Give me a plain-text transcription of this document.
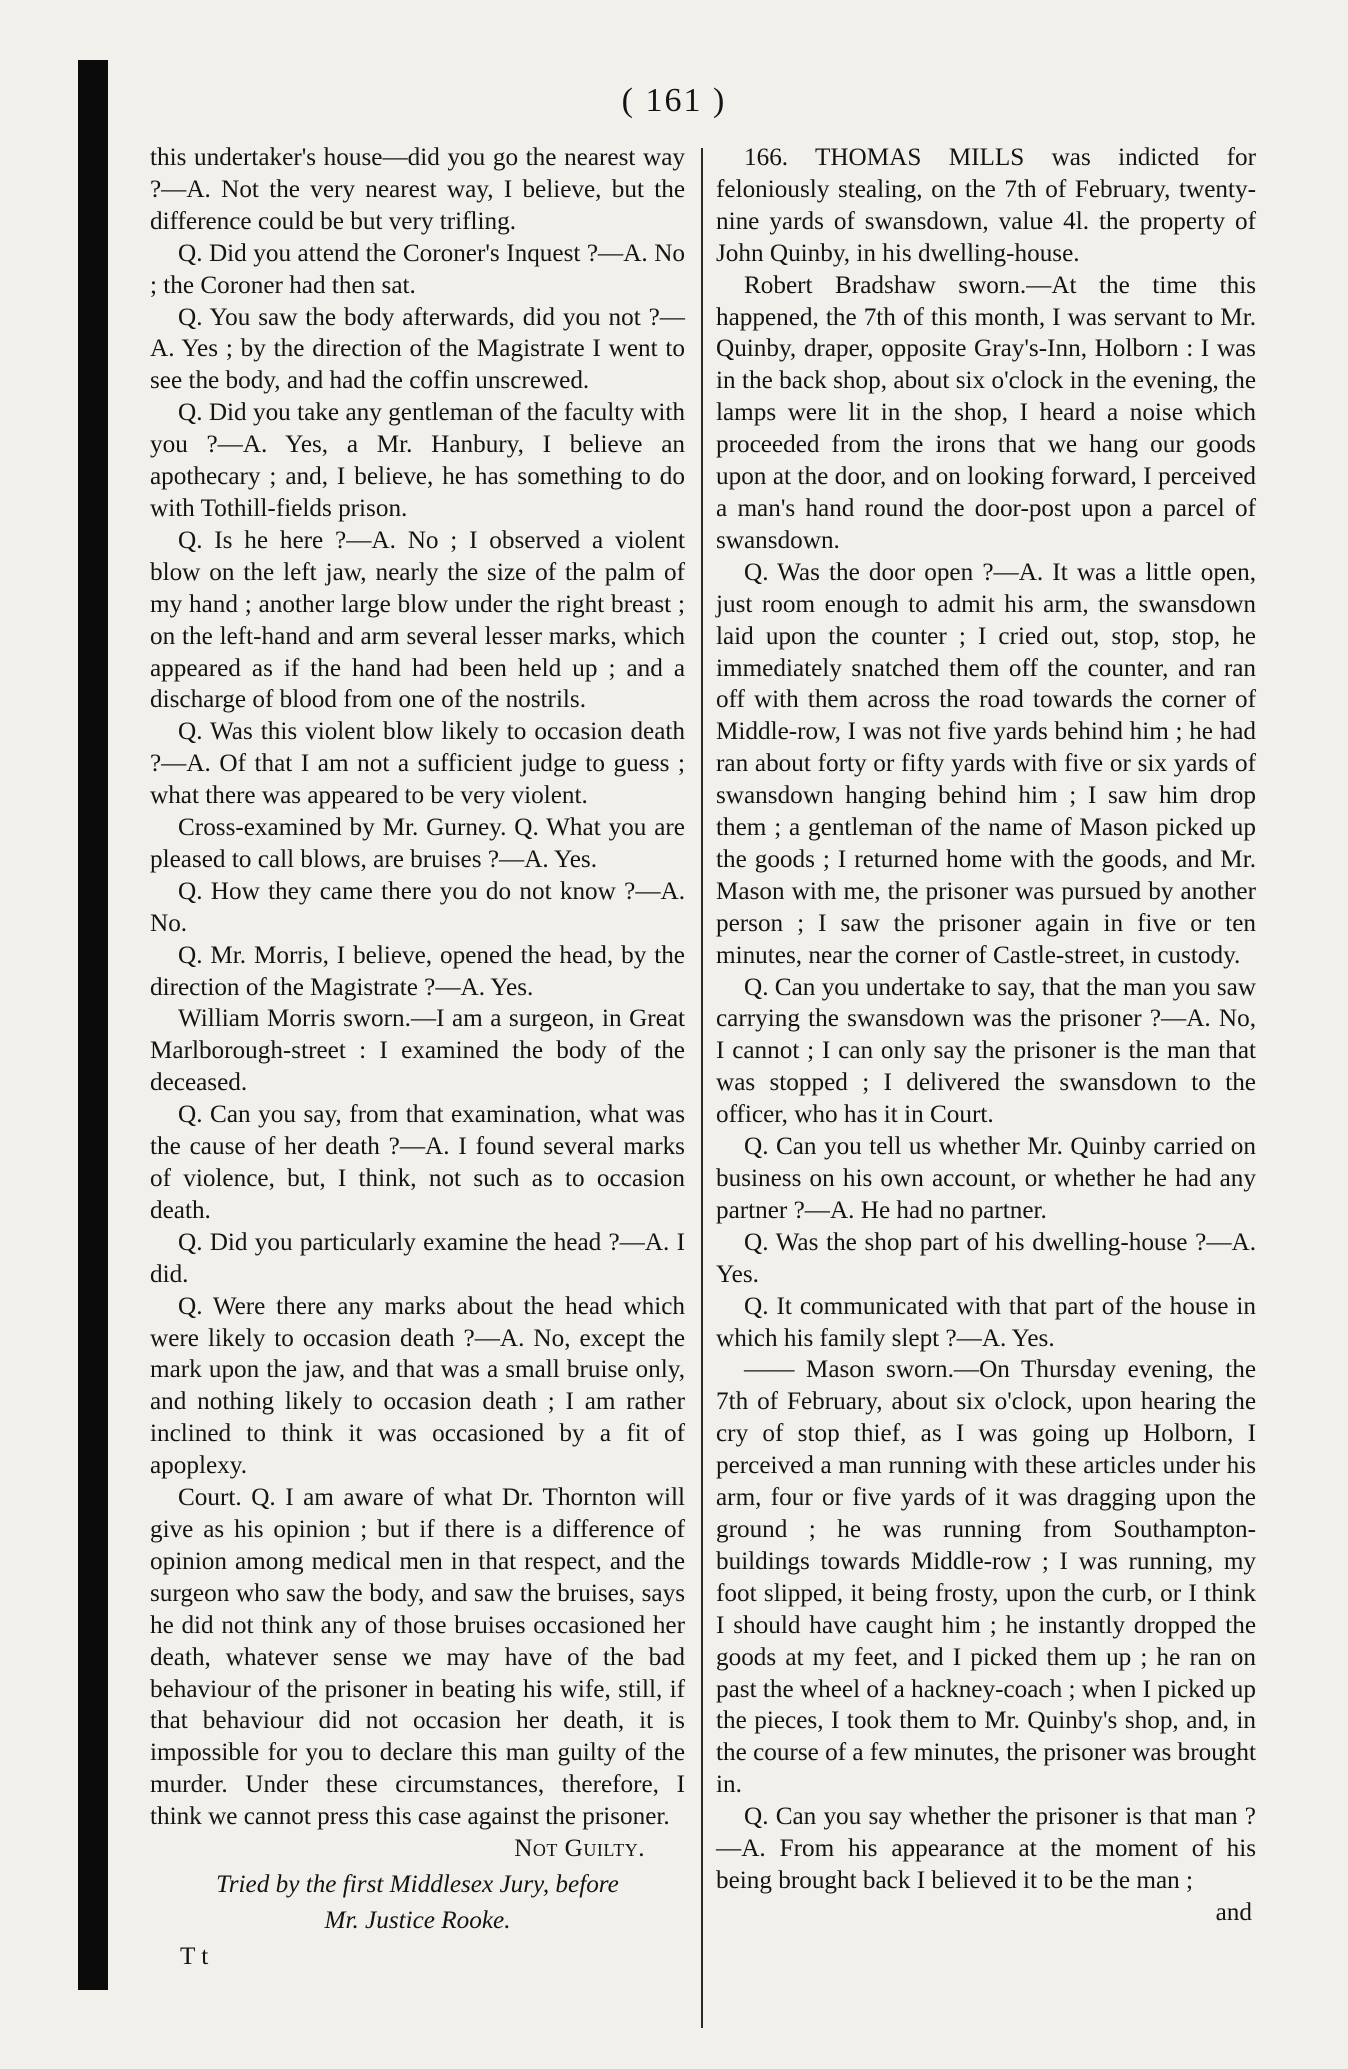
( 161 )

this undertaker's house—did you go the nearest way ?—A. Not the very nearest way, I believe, but the difference could be but very trifling.

Q. Did you attend the Coroner's Inquest ?—A. No ; the Coroner had then sat.

Q. You saw the body afterwards, did you not ?—A. Yes ; by the direction of the Magistrate I went to see the body, and had the coffin unscrewed.

Q. Did you take any gentleman of the faculty with you ?—A. Yes, a Mr. Hanbury, I believe an apothecary ; and, I believe, he has something to do with Tothill-fields prison.

Q. Is he here ?—A. No ; I observed a violent blow on the left jaw, nearly the size of the palm of my hand ; another large blow under the right breast ; on the left-hand and arm several lesser marks, which appeared as if the hand had been held up ; and a discharge of blood from one of the nostrils.

Q. Was this violent blow likely to occasion death ?—A. Of that I am not a sufficient judge to guess ; what there was appeared to be very violent.

Cross-examined by Mr. Gurney. Q. What you are pleased to call blows, are bruises ?—A. Yes.

Q. How they came there you do not know ?—A. No.

Q. Mr. Morris, I believe, opened the head, by the direction of the Magistrate ?—A. Yes.

William Morris sworn.—I am a surgeon, in Great Marlborough-street : I examined the body of the deceased.

Q. Can you say, from that examination, what was the cause of her death ?—A. I found several marks of violence, but, I think, not such as to occasion death.

Q. Did you particularly examine the head ?—A. I did.

Q. Were there any marks about the head which were likely to occasion death ?—A. No, except the mark upon the jaw, and that was a small bruise only, and nothing likely to occasion death ; I am rather inclined to think it was occasioned by a fit of apoplexy.

Court. Q. I am aware of what Dr. Thornton will give as his opinion ; but if there is a difference of opinion among medical men in that respect, and the surgeon who saw the body, and saw the bruises, says he did not think any of those bruises occasioned her death, whatever sense we may have of the bad behaviour of the prisoner in beating his wife, still, if that behaviour did not occasion her death, it is impossible for you to declare this man guilty of the murder. Under these circumstances, therefore, I think we cannot press this case against the prisoner.

Not Guilty.

Tried by the first Middlesex Jury, before

Mr. Justice Rooke.

T t

166. THOMAS MILLS was indicted for feloniously stealing, on the 7th of February, twenty-nine yards of swansdown, value 4l. the property of John Quinby, in his dwelling-house.

Robert Bradshaw sworn.—At the time this happened, the 7th of this month, I was servant to Mr. Quinby, draper, opposite Gray's-Inn, Holborn : I was in the back shop, about six o'clock in the evening, the lamps were lit in the shop, I heard a noise which proceeded from the irons that we hang our goods upon at the door, and on looking forward, I perceived a man's hand round the door-post upon a parcel of swansdown.

Q. Was the door open ?—A. It was a little open, just room enough to admit his arm, the swansdown laid upon the counter ; I cried out, stop, stop, he immediately snatched them off the counter, and ran off with them across the road towards the corner of Middle-row, I was not five yards behind him ; he had ran about forty or fifty yards with five or six yards of swansdown hanging behind him ; I saw him drop them ; a gentleman of the name of Mason picked up the goods ; I returned home with the goods, and Mr. Mason with me, the prisoner was pursued by another person ; I saw the prisoner again in five or ten minutes, near the corner of Castle-street, in custody.

Q. Can you undertake to say, that the man you saw carrying the swansdown was the prisoner ?—A. No, I cannot ; I can only say the prisoner is the man that was stopped ; I delivered the swansdown to the officer, who has it in Court.

Q. Can you tell us whether Mr. Quinby carried on business on his own account, or whether he had any partner ?—A. He had no partner.

Q. Was the shop part of his dwelling-house ?—A. Yes.

Q. It communicated with that part of the house in which his family slept ?—A. Yes.

—— Mason sworn.—On Thursday evening, the 7th of February, about six o'clock, upon hearing the cry of stop thief, as I was going up Holborn, I perceived a man running with these articles under his arm, four or five yards of it was dragging upon the ground ; he was running from Southampton-buildings towards Middle-row ; I was running, my foot slipped, it being frosty, upon the curb, or I think I should have caught him ; he instantly dropped the goods at my feet, and I picked them up ; he ran on past the wheel of a hackney-coach ; when I picked up the pieces, I took them to Mr. Quinby's shop, and, in the course of a few minutes, the prisoner was brought in.

Q. Can you say whether the prisoner is that man ?—A. From his appearance at the moment of his being brought back I believed it to be the man ;

and
